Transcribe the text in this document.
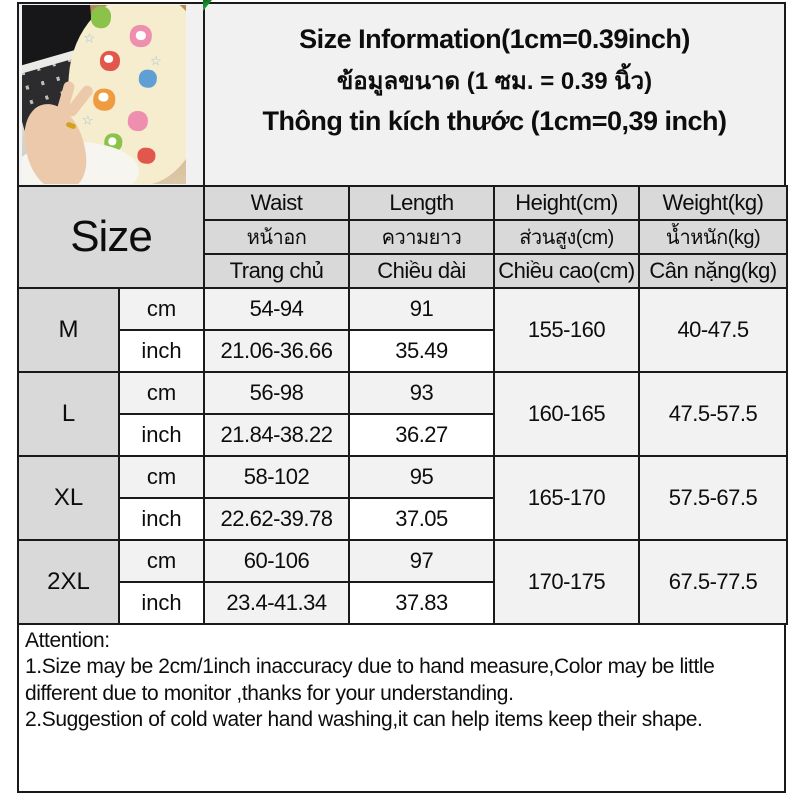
☆
☆
☆
Size Information(1cm=0.39inch)
ข้อมูลขนาด (1 ซม. = 0.39 นิ้ว)
Thông tin kích thước (1cm=0,39 inch)
Size		Waist	Length	Height(cm)	Weight(kg)
		หน้าอก	ความยาว	ส่วนสูง(cm)	น้ำหนัก(kg)
		Trang chủ	Chiều dài	Chiều cao(cm)	Cân nặng(kg)
M	cm	54-94	91	155-160	40-47.5
	inch	21.06-36.66	35.49		
L	cm	56-98	93	160-165	47.5-57.5
	inch	21.84-38.22	36.27		
XL	cm	58-102	95	165-170	57.5-67.5
	inch	22.62-39.78	37.05		
2XL	cm	60-106	97	170-175	67.5-77.5
	inch	23.4-41.34	37.83		
Attention:
1.Size may be 2cm/1inch inaccuracy due to hand measure,Color may be little different due to monitor ,thanks for your understanding.
2.Suggestion of cold water hand washing,it can help items keep their shape.
